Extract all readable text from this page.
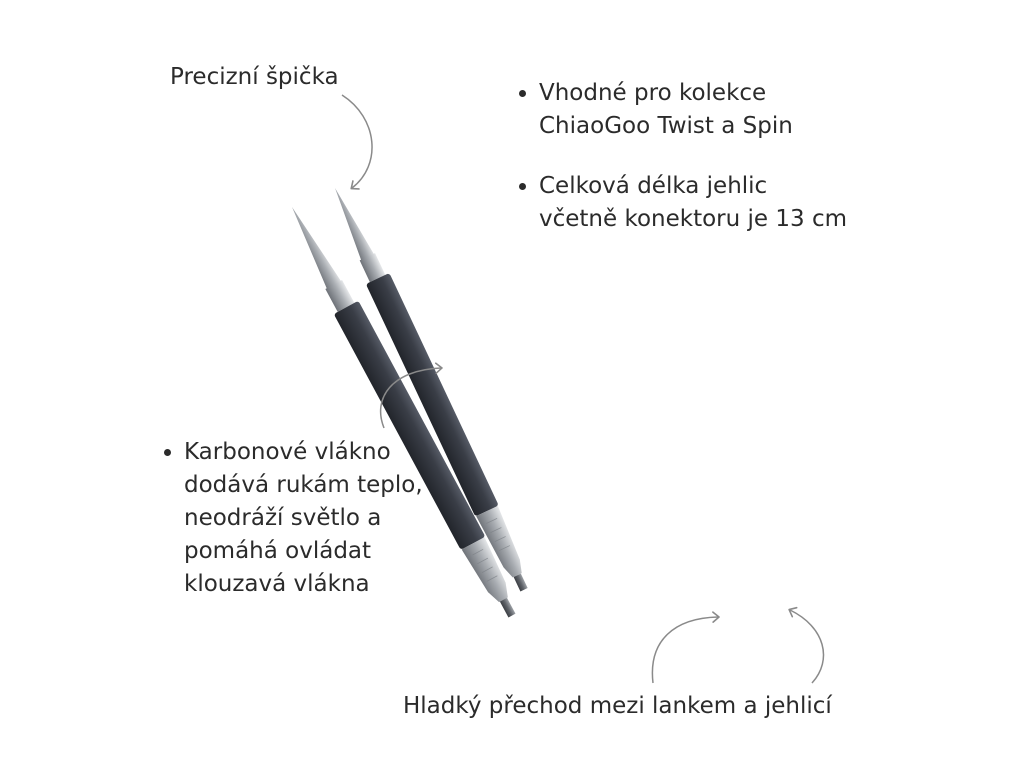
Precizní špička
• Vhodné pro kolekce
ChiaoGoo Twist a Spin
• Celková délka jehlic
včetně konektoru je 13 cm
• Karbonové vlákno
dodává rukám teplo,
neodráží světlo a
pomáhá ovládat
klouzavá vlákna
Hladký přechod mezi lankem a jehlicí
